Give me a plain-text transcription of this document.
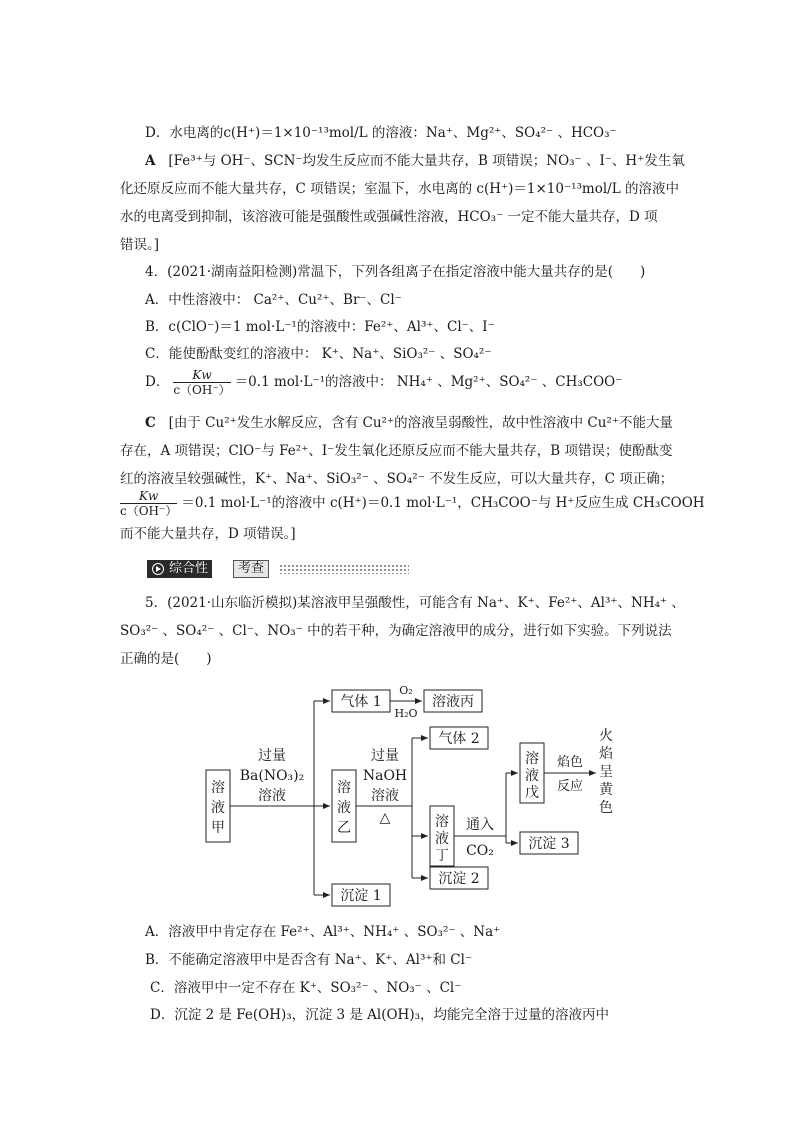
D．水电离的c(H⁺)＝1×10⁻¹³mol/L 的溶液：Na⁺、Mg²⁺、SO₄²⁻ 、HCO₃⁻
A [Fe³⁺与 OH⁻、SCN⁻均发生反应而不能大量共存，B 项错误；NO₃⁻ 、I⁻、H⁺发生氧
化还原反应而不能大量共存，C 项错误；室温下，水电离的 c(H⁺)＝1×10⁻¹³mol/L 的溶液中
水的电离受到抑制，该溶液可能是强酸性或强碱性溶液，HCO₃⁻ 一定不能大量共存，D 项
错误。]
4．(2021·湖南益阳检测)常温下，下列各组离子在指定溶液中能大量共存的是(　　)
A．中性溶液中： Ca²⁺、Cu²⁺、Br⁻、Cl⁻
B．c(ClO⁻)＝1 mol·L⁻¹的溶液中：Fe²⁺、Al³⁺、Cl⁻、I⁻
C．能使酚酞变红的溶液中： K⁺、Na⁺、SiO₃²⁻ 、SO₄²⁻
D． $\frac{Kw}{c(OH^-)} =0.1$ mol·L⁻¹的溶液中： NH₄⁺ 、Mg²⁺、SO₄²⁻ 、CH₃COO⁻
C [由于 Cu²⁺发生水解反应，含有 Cu²⁺的溶液呈弱酸性，故中性溶液中 Cu²⁺不能大量
存在，A 项错误；ClO⁻与 Fe²⁺、I⁻发生氧化还原反应而不能大量共存，B 项错误；使酚酞变
红的溶液呈较强碱性，K⁺、Na⁺、SiO₃²⁻ 、SO₄²⁻ 不发生反应，可以大量共存，C 项正确；
$\frac{Kw}{c(OH^-)} =0.1$ mol·L⁻¹的溶液中 c(H⁺)＝0.1 mol·L⁻¹，CH₃COO⁻与 H⁺反应生成 CH₃COOH
而不能大量共存，D 项错误。]
综合性	考查
5．(2021·山东临沂模拟)某溶液甲呈强酸性，可能含有 Na⁺、K⁺、Fe²⁺、Al³⁺、NH₄⁺ 、
SO₃²⁻ 、SO₄²⁻ 、Cl⁻、NO₃⁻ 中的若干种，为确定溶液甲的成分，进行如下实验。下列说法
正确的是(　　)
溶
液
甲
过量
Ba(NO₃)₂
溶液
气体 1
O₂
H₂O
溶液丙
溶
液
乙
过量
NaOH
溶液
△
沉淀 1
气体 2
溶
液
丁
通入
CO₂
沉淀 2
溶
液
戊
焰色
反应
沉淀 3
火
焰
呈
黄
色
A．溶液甲中肯定存在 Fe²⁺、Al³⁺、NH₄⁺ 、SO₃²⁻ 、Na⁺
B．不能确定溶液甲中是否含有 Na⁺、K⁺、Al³⁺和 Cl⁻
C．溶液甲中一定不存在 K⁺、SO₃²⁻ 、NO₃⁻ 、Cl⁻
D．沉淀 2 是 Fe(OH)₃，沉淀 3 是 Al(OH)₃，均能完全溶于过量的溶液丙中
